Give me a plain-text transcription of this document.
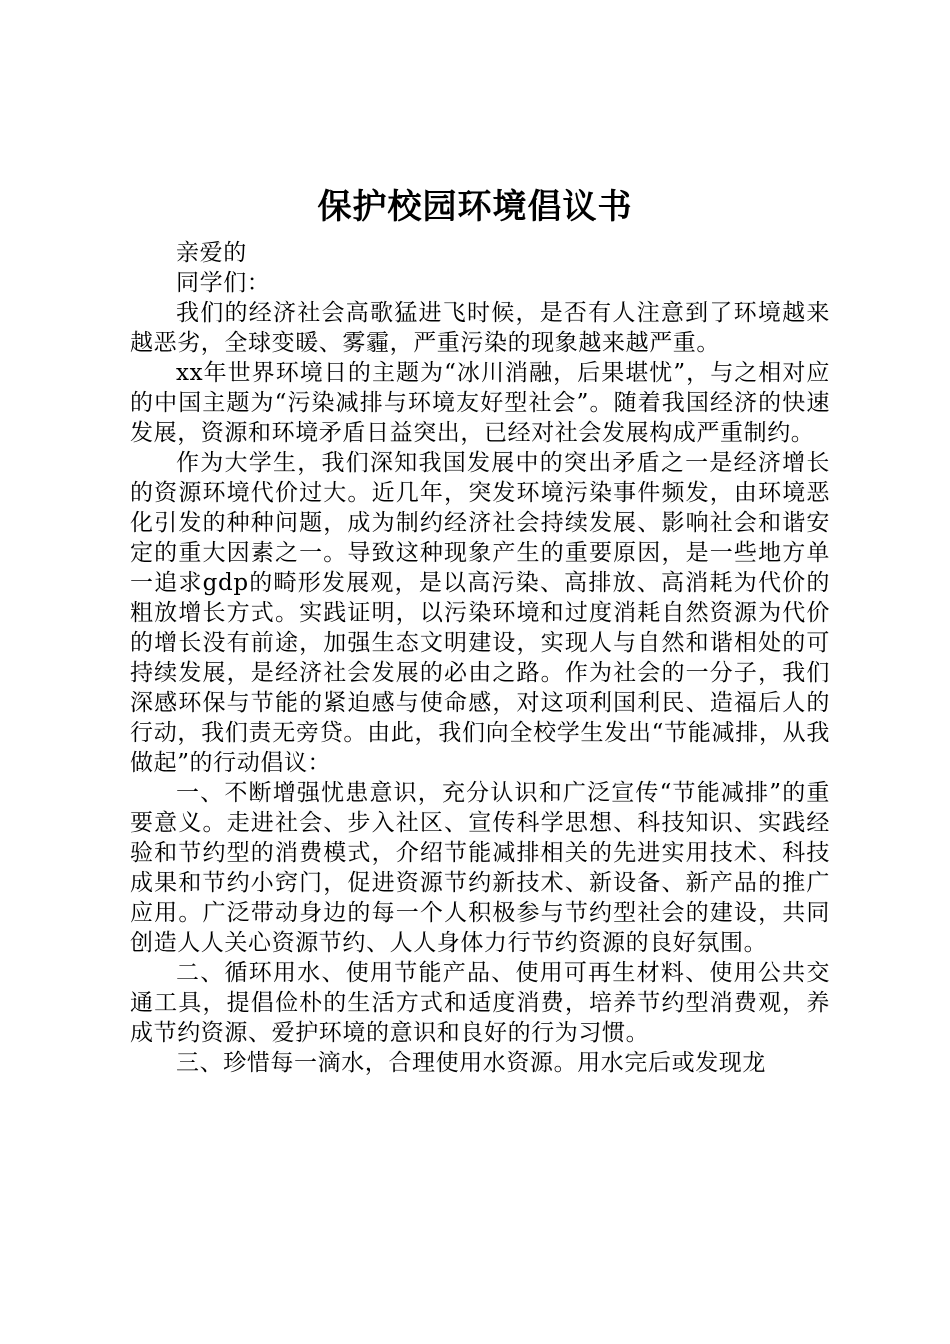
保护校园环境倡议书

亲爱的

同学们：

我们的经济社会高歌猛进飞时候，是否有人注意到了环境越来越恶劣，全球变暖、雾霾，严重污染的现象越来越严重。

xx年世界环境日的主题为“冰川消融，后果堪忧”，与之相对应的中国主题为“污染减排与环境友好型社会”。随着我国经济的快速发展，资源和环境矛盾日益突出，已经对社会发展构成严重制约。

作为大学生，我们深知我国发展中的突出矛盾之一是经济增长的资源环境代价过大。近几年，突发环境污染事件频发，由环境恶化引发的种种问题，成为制约经济社会持续发展、影响社会和谐安定的重大因素之一。导致这种现象产生的重要原因，是一些地方单一追求gdp的畸形发展观，是以高污染、高排放、高消耗为代价的粗放增长方式。实践证明，以污染环境和过度消耗自然资源为代价的增长没有前途，加强生态文明建设，实现人与自然和谐相处的可持续发展，是经济社会发展的必由之路。作为社会的一分子，我们深感环保与节能的紧迫感与使命感，对这项利国利民、造福后人的行动，我们责无旁贷。由此，我们向全校学生发出“节能减排，从我做起”的行动倡议：

一、不断增强忧患意识，充分认识和广泛宣传“节能减排”的重要意义。走进社会、步入社区、宣传科学思想、科技知识、实践经验和节约型的消费模式，介绍节能减排相关的先进实用技术、科技成果和节约小窍门，促进资源节约新技术、新设备、新产品的推广应用。广泛带动身边的每一个人积极参与节约型社会的建设，共同创造人人关心资源节约、人人身体力行节约资源的良好氛围。

二、循环用水、使用节能产品、使用可再生材料、使用公共交通工具，提倡俭朴的生活方式和适度消费，培养节约型消费观，养成节约资源、爱护环境的意识和良好的行为习惯。

三、珍惜每一滴水，合理使用水资源。用水完后或发现龙
